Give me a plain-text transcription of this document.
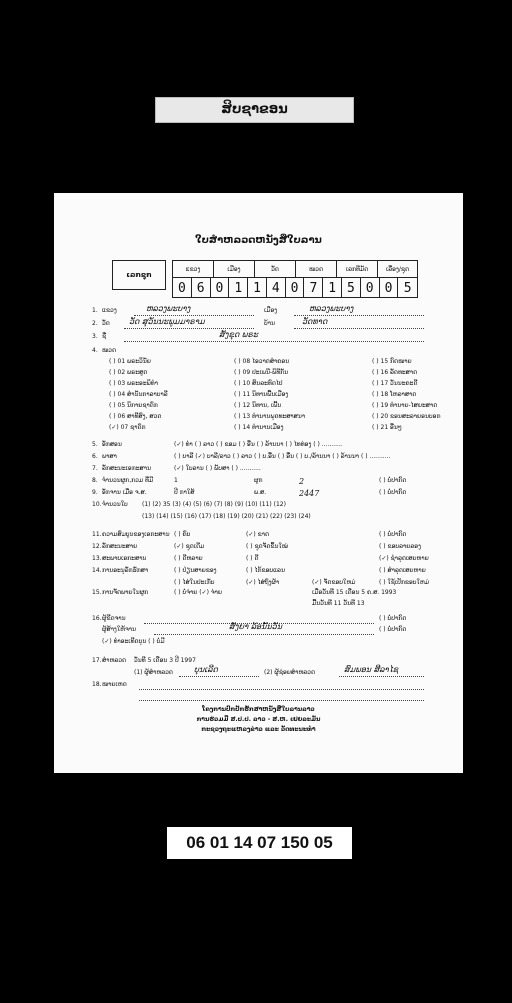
ສິບຊາຂອນ
ໃບສໍາຫລວດຫນັງສືໃບລານ
ເລກຊຸກ
ແຂວງ	ເມືອງ	ວັດ	ໝວດ	ເລກທີມັດ	ເລື່ອງ/ຊຸດ
0 6 0 1 1 4 0 7 1 5 0 0 5
1. ແຂວງ	ຫລວງພະບາງ	ເມືອງ	ຫລວງພະບາງ
2. ວັດ ວັດ ສຸວັນນະພູມມາຣາມ	ບ້ານ	ວັດທາດ
3. ຊື່	ສັງຂຸດ ພຣະ
4. ໝວດ
( ) 01 ພຣະວິນັຍ	( ) 08 ໄອວາດສຳຄອນ	( ) 15 ກົດໝາຍ
( ) 02 ພຣະສູດ	( ) 09 ປະເພນີ-ພິທີກັນ	( ) 16 ລັດທະສາດ
( ) 03 ພຣະອະພິທຳ	( ) 10 ສິນລະທົດໄປ	( ) 17 ວັນນະຄະດີ
( ) 04 ສຳນັນກາລາບາລີ	( ) 11 ນິທານພື້ນເມືອງ	( ) 18 ໂຫລາສາດ
( ) 05 ນິກາຍຊາດົກ	( ) 12 ນິທານ, ເພີ້ນ	( ) 19 ທຳນາຍ-ໄສຍະສາດ
( ) 06 ສາທີສົງ, ສວດ	( ) 13 ທຳນານພຸດທະສາສນາ	( ) 20 ຂອນສະລາຍອນບອກ
(✓) 07 ຊາດົກ	( ) 14 ທຳນານເມືອງ	( ) 21 ອື່ນໆ
5. ອັກສອນ	(✓) ທຳ ( ) ລາວ ( ) ຂອມ ( ) ອື່ນ ( ) ລ້ານນາ ( ) ໄທທ່ອງ ( ) ...........
6. ພາສາ	( ) ບາລີ (✓) ບາລີ/ລາວ ( ) ລາວ ( ) ບ.ອື່ນ ( ) ອື່ນ ( ) ບ./ລ້ານນາ ( ) ລ້ານນາ ( ) ...........
7. ລັກສະນະເອກະສານ	(✓) ໃບລານ ( ) ພັບສາ ( ) ...........
8. ຈຳນວນຜູກ,ກວມ ທີ່ມີ	1	ຜູກ	2	( ) ບໍ່ປາກົດ
9. ອັກຈານ ເມື່ອ ຈ.ສ.	ປີ ກາໃສ້	ພ.ສ.	2447	( ) ບໍ່ປາກົດ
10. ຈຳນວນໃບ (1) (2) 35 (3) (4) (5) (6) (7) (8) (9) (10) (11) (12)
(13) (14) (15) (16) (17) (18) (19) (20) (21) (22) (23) (24)
11. ຄວາມສົມບູນຂອງເອກະສານ ( ) ຄົບ	(✓) ຂາດ	( ) ບໍ່ປາກົດ
12. ລັກສະນະສາຍ	(✓) ຊຸດເດີມ	( ) ຊຸດຈັດຂຶ້ນໃໝ່	( ) ຂອບລາຍລອງ
13. ສະພາບເອກະສານ	( ) ດີຫລາຍ	( ) ດີ	(✓) ຊຳລຸດເສຍຫາຍ
14. ການອະນຸລັກຮັກສາ	( ) ປ່ຽນສາຍຂອງ	( ) ໄກ້ຂອບແລນ	( ) ສຳລຸດເສຍຫາຍ
( ) ໄສ່ໃນປະເກັບ	(✓) ໄສ່ຖົງຜ້າ	(✓) ຈັດຂອບໃຫມ່	( ) ໃຊ້ເປັກຂອບໃຫມ່
15. ການຈັດພາຍໃນຜູກ	( ) ບໍ່ຈ່າຍ (✓) ຈ່າຍ	ເມື່ອວັນທີ 15 ເດືອນ 5 ຄ.ສ. 1993
ມື້ນວັນທີ 11 ວັນທີ 13
16. ຜູ້ຂີດຈານ	( ) ບໍ່ປາກົດ
ຜູ້ສ້າງໃຫ້ຈານ	ສັ່ງຍາ ລ້ອນັ້ນວັນ	( ) ບໍ່ປາກົດ
(✓) ທໍາອະເທີດບຸນ ( ) ບໍ່ມີ
17. ສຳຫລວດ ວັນທີ 5 ເດືອນ 3 ປີ 1997
(1) ຜູ້ສຳຫລວດ	ບຸນເລີດ	(2) ຜູ້ຊ່ອຍສຳຫລວດ	ສົມພອນ ສີລາໄຊ
18. ໝາຍເຫດ
ໂຄງການປົກປັກຮັກສາຫນັງສືໃບລານລາວ
ການຮ່ວມມື ສ.ປ.ປ. ລາວ - ສ.ຫ. ເຢຍລະມັນ
ກະຊວງຖະແຫລງຂ່າວ ແລະ ວັດທະນະທຳ
06 01 14 07 150 05
